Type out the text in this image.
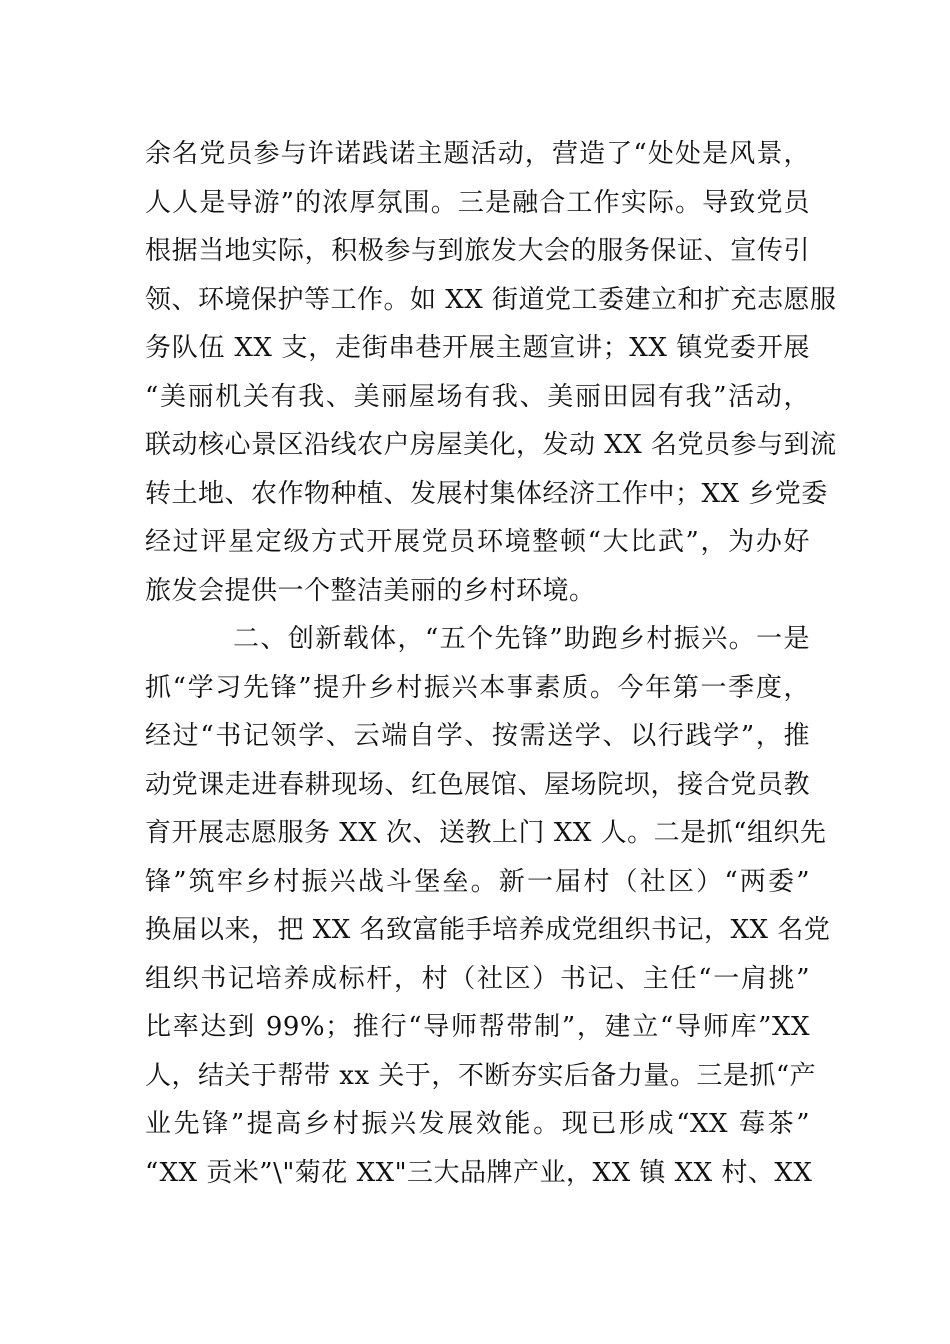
余名党员参与许诺践诺主题活动，营造了“处处是风景，
人人是导游”的浓厚氛围。三是融合工作实际。导致党员
根据当地实际，积极参与到旅发大会的服务保证、宣传引
领、环境保护等工作。如 XX 街道党工委建立和扩充志愿服
务队伍 XX 支，走街串巷开展主题宣讲；XX 镇党委开展
“美丽机关有我、美丽屋场有我、美丽田园有我”活动，
联动核心景区沿线农户房屋美化，发动 XX 名党员参与到流
转土地、农作物种植、发展村集体经济工作中；XX 乡党委
经过评星定级方式开展党员环境整顿“大比武”，为办好
旅发会提供一个整洁美丽的乡村环境。
二、创新载体，“五个先锋”助跑乡村振兴。一是
抓“学习先锋”提升乡村振兴本事素质。今年第一季度，
经过“书记领学、云端自学、按需送学、以行践学”，推
动党课走进春耕现场、红色展馆、屋场院坝，接合党员教
育开展志愿服务 XX 次、送教上门 XX 人。二是抓“组织先
锋”筑牢乡村振兴战斗堡垒。新一届村（社区）“两委”
换届以来，把 XX 名致富能手培养成党组织书记，XX 名党
组织书记培养成标杆，村（社区）书记、主任“一肩挑”
比率达到 99%；推行“导师帮带制”，建立“导师库”XX
人，结关于帮带 xx 关于，不断夯实后备力量。三是抓“产
业先锋”提高乡村振兴发展效能。现已形成“XX 莓茶”
“XX 贡米”\"菊花 XX"三大品牌产业，XX 镇 XX 村、XX
